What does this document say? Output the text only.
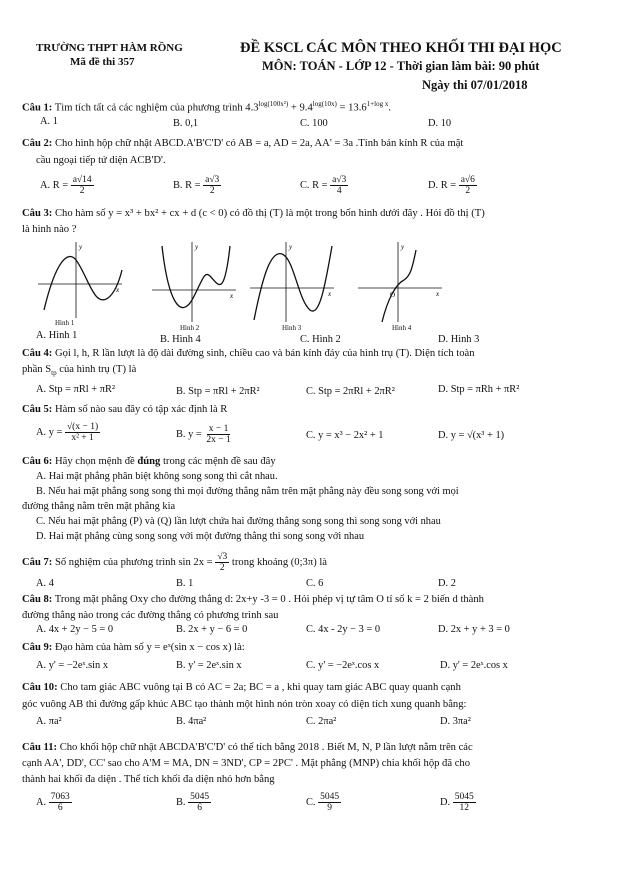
TRƯỜNG THPT HÀM RỒNG
Mã đề thi 357
ĐỀ KSCL CÁC MÔN THEO KHỐI THI ĐẠI HỌC
MÔN: TOÁN - LỚP 12 - Thời gian làm bài: 90 phút
Ngày thi 07/01/2018
Câu 1: Tìm tích tất cả các nghiệm của phương trình $4.3^{log(100x^2)} + 9.4^{log(10x)} = 13.6^{1+log x}$.
A. 1	B. 0,1	C. 100	D. 10
Câu 2: Cho hình hộp chữ nhật ABCD.A'B'C'D' có AB = a, AD = 2a, AA' = 3a .Tính bán kính R của mặt
cầu ngoại tiếp tứ diện ACB'D'.
A. $R = \frac{a√14}{2}$	B. $R = \frac{a√3}{2}$	C. $R = \frac{a√3}{4}$	D. $R = \frac{a√6}{2}$
Câu 3: Cho hàm số y = x³ + bx² + cx + d (c < 0) có đồ thị (T) là một trong bốn hình dưới đây . Hỏi đồ thị (T)
là hình nào ?
x
y
Hình 1
x
y
Hình 2
x
y
Hình 3
x
y
O
Hình 4
A. Hình 1	B. Hình 4	C. Hình 2	D. Hình 3
Câu 4: Gọi l, h, R lần lượt là độ dài đường sinh, chiều cao và bán kính đáy của hình trụ (T). Diện tích toàn
phần $S_{tp}$ của hình trụ (T) là
A. Stp = πRl + πR²	B. Stp = πRl + 2πR²	C. Stp = 2πRl + 2πR²	D. Stp = πRh + πR²
Câu 5: Hàm số nào sau đây có tập xác định là R
A. $y = \frac{√(x - 1)}{\text{x² + 1}}$	B. $y = \frac{x - 1}{2x - 1}$	C. y = x³ − 2x² + 1	D. y = √(x³ + 1)
Câu 6: Hãy chọn mệnh đề đúng trong các mệnh đề sau đây
A. Hai mặt phẳng phân biệt không song song thì cắt nhau.
B. Nếu hai mặt phẳng song song thì mọi đường thẳng nằm trên mặt phẳng này đều song song với mọi
đường thẳng nằm trên mặt phẳng kia
C. Nếu hai mặt phẳng (P) và (Q) lần lượt chứa hai đường thẳng song song thì song song với nhau
D. Hai mặt phẳng cùng song song với một đường thẳng thì song song với nhau
Câu 7: Số nghiệm của phương trình $\sin 2x = \frac{√3}{2}$ trong khoảng (0;3π) là
A. 4	B. 1	C. 6	D. 2
Câu 8: Trong mặt phẳng Oxy cho đường thẳng d: 2x+y -3 = 0 . Hỏi phép vị tự tâm O tỉ số k = 2 biến d thành
đường thẳng nào trong các đường thẳng có phương trình sau
A. 4x + 2y − 5 = 0	B. 2x + y − 6 = 0	C. 4x - 2y − 3 = 0	D. 2x + y + 3 = 0
Câu 9: Đạo hàm của hàm số y = eˣ(sin x − cos x) là:
A. y' = −2eˣ.sin x	B. y' = 2eˣ.sin x	C. y' = −2eˣ.cos x	D. y' = 2eˣ.cos x
Câu 10: Cho tam giác ABC vuông tại B có AC = 2a; BC = a , khi quay tam giác ABC quay quanh cạnh
góc vuông AB thì đường gấp khúc ABC tạo thành một hình nón tròn xoay có diện tích xung quanh bằng:
A. πa²	B. 4πa²	C. 2πa²	D. 3πa²
Câu 11: Cho khối hộp chữ nhật ABCDA'B'C'D' có thể tích bằng 2018 . Biết M, N, P lần lượt nằm trên các
cạnh AA', DD', CC' sao cho A'M = MA, DN = 3ND', CP = 2PC' . Mặt phẳng (MNP) chia khối hộp đã cho
thành hai khối đa diện . Thể tích khối đa diện nhỏ hơn bằng
A. $\frac{7063}{6}$	B. $\frac{5045}{6}$	C. $\frac{5045}{9}$	D. $\frac{5045}{12}$
